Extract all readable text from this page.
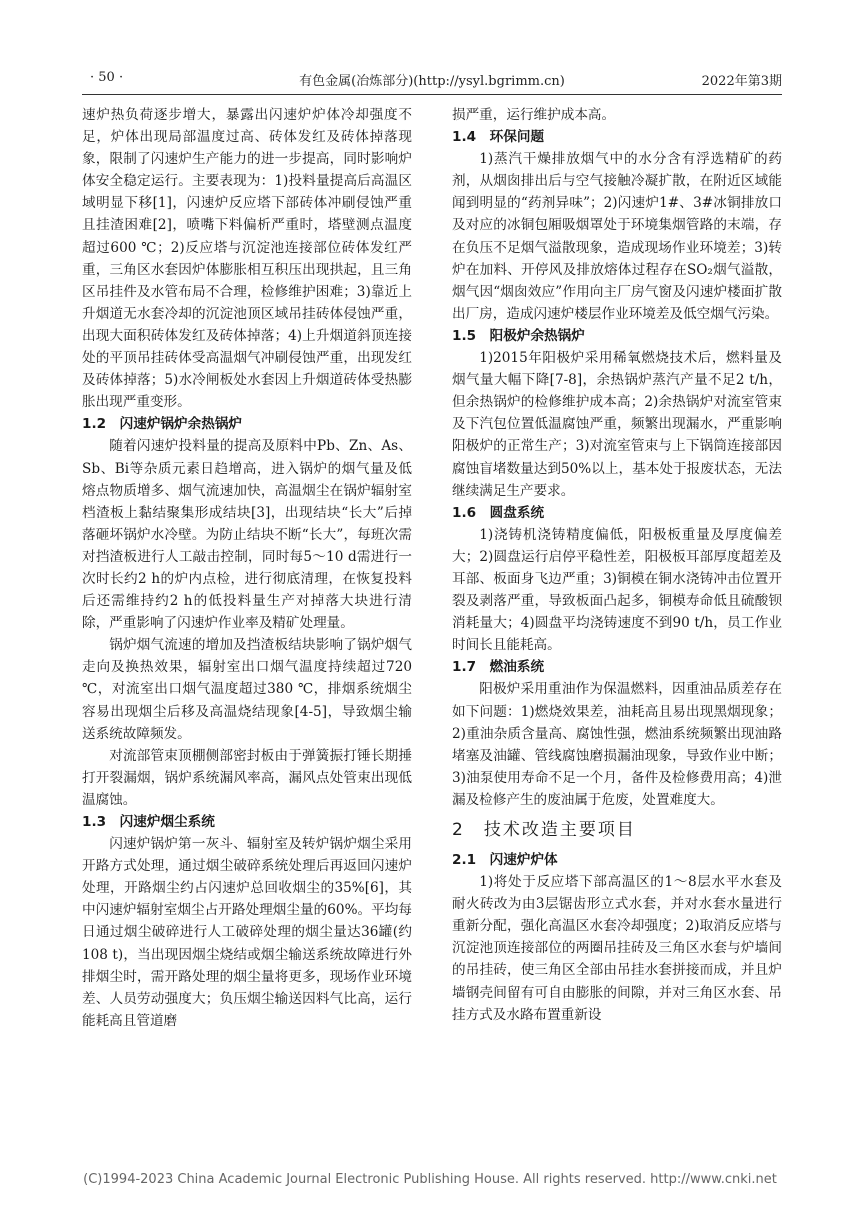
· 50 ·	有色金属(冶炼部分)(http://ysyl.bgrimm.cn)	2022年第3期

速炉热负荷逐步增大，暴露出闪速炉炉体冷却强度不足，炉体出现局部温度过高、砖体发红及砖体掉落现象，限制了闪速炉生产能力的进一步提高，同时影响炉体安全稳定运行。主要表现为：1)投料量提高后高温区域明显下移[1]，闪速炉反应塔下部砖体冲刷侵蚀严重且挂渣困难[2]，喷嘴下料偏析严重时，塔壁测点温度超过600 ℃；2)反应塔与沉淀池连接部位砖体发红严重，三角区水套因炉体膨胀相互积压出现拱起，且三角区吊挂件及水管布局不合理，检修维护困难；3)靠近上升烟道无水套冷却的沉淀池顶区域吊挂砖体侵蚀严重，出现大面积砖体发红及砖体掉落；4)上升烟道斜顶连接处的平顶吊挂砖体受高温烟气冲刷侵蚀严重，出现发红及砖体掉落；5)水冷闸板处水套因上升烟道砖体受热膨胀出现严重变形。

1.2　闪速炉锅炉余热锅炉

随着闪速炉投料量的提高及原料中Pb、Zn、As、Sb、Bi等杂质元素日趋增高，进入锅炉的烟气量及低熔点物质增多、烟气流速加快，高温烟尘在锅炉辐射室档渣板上黏结聚集形成结块[3]，出现结块“长大”后掉落砸坏锅炉水冷壁。为防止结块不断“长大”，每班次需对挡渣板进行人工敲击控制，同时每5～10 d需进行一次时长约2 h的炉内点检，进行彻底清理，在恢复投料后还需维持约2 h的低投料量生产对掉落大块进行清除，严重影响了闪速炉作业率及精矿处理量。

锅炉烟气流速的增加及挡渣板结块影响了锅炉烟气走向及换热效果，辐射室出口烟气温度持续超过720 ℃，对流室出口烟气温度超过380 ℃，排烟系统烟尘容易出现烟尘后移及高温烧结现象[4-5]，导致烟尘输送系统故障频发。

对流部管束顶棚侧部密封板由于弹簧振打锤长期捶打开裂漏烟，锅炉系统漏风率高，漏风点处管束出现低温腐蚀。

1.3　闪速炉烟尘系统

闪速炉锅炉第一灰斗、辐射室及转炉锅炉烟尘采用开路方式处理，通过烟尘破碎系统处理后再返回闪速炉处理，开路烟尘约占闪速炉总回收烟尘的35%[6]，其中闪速炉辐射室烟尘占开路处理烟尘量的60%。平均每日通过烟尘破碎进行人工破碎处理的烟尘量达36罐(约108 t)，当出现因烟尘烧结或烟尘输送系统故障进行外排烟尘时，需开路处理的烟尘量将更多，现场作业环境差、人员劳动强度大；负压烟尘输送因料气比高，运行能耗高且管道磨

损严重，运行维护成本高。

1.4　环保问题

1)蒸汽干燥排放烟气中的水分含有浮选精矿的药剂，从烟囱排出后与空气接触冷凝扩散，在附近区域能闻到明显的“药剂异味”；2)闪速炉1#、3#冰铜排放口及对应的冰铜包厢吸烟罩处于环境集烟管路的末端，存在负压不足烟气溢散现象，造成现场作业环境差；3)转炉在加料、开停风及排放熔体过程存在SO₂烟气溢散，烟气因“烟囱效应”作用向主厂房气窗及闪速炉楼面扩散出厂房，造成闪速炉楼层作业环境差及低空烟气污染。

1.5　阳极炉余热锅炉

1)2015年阳极炉采用稀氧燃烧技术后，燃料量及烟气量大幅下降[7-8]，余热锅炉蒸汽产量不足2 t/h，但余热锅炉的检修维护成本高；2)余热锅炉对流室管束及下汽包位置低温腐蚀严重，频繁出现漏水，严重影响阳极炉的正常生产；3)对流室管束与上下锅筒连接部因腐蚀盲堵数量达到50%以上，基本处于报废状态，无法继续满足生产要求。

1.6　圆盘系统

1)浇铸机浇铸精度偏低，阳极板重量及厚度偏差大；2)圆盘运行启停平稳性差，阳极板耳部厚度超差及耳部、板面身飞边严重；3)铜模在铜水浇铸冲击位置开裂及剥落严重，导致板面凸起多，铜模寿命低且硫酸钡消耗量大；4)圆盘平均浇铸速度不到90 t/h，员工作业时间长且能耗高。

1.7　燃油系统

阳极炉采用重油作为保温燃料，因重油品质差存在如下问题：1)燃烧效果差，油耗高且易出现黑烟现象；2)重油杂质含量高、腐蚀性强，燃油系统频繁出现油路堵塞及油罐、管线腐蚀磨损漏油现象，导致作业中断；3)油泵使用寿命不足一个月，备件及检修费用高；4)泄漏及检修产生的废油属于危废，处置难度大。

2　技术改造主要项目
2.1　闪速炉炉体

1)将处于反应塔下部高温区的1～8层水平水套及耐火砖改为由3层锯齿形立式水套，并对水套水量进行重新分配，强化高温区水套冷却强度；2)取消反应塔与沉淀池顶连接部位的两圈吊挂砖及三角区水套与炉墙间的吊挂砖，使三角区全部由吊挂水套拼接而成，并且炉墙钢壳间留有可自由膨胀的间隙，并对三角区水套、吊挂方式及水路布置重新设

(C)1994-2023 China Academic Journal Electronic Publishing House. All rights reserved. http://www.cnki.net
